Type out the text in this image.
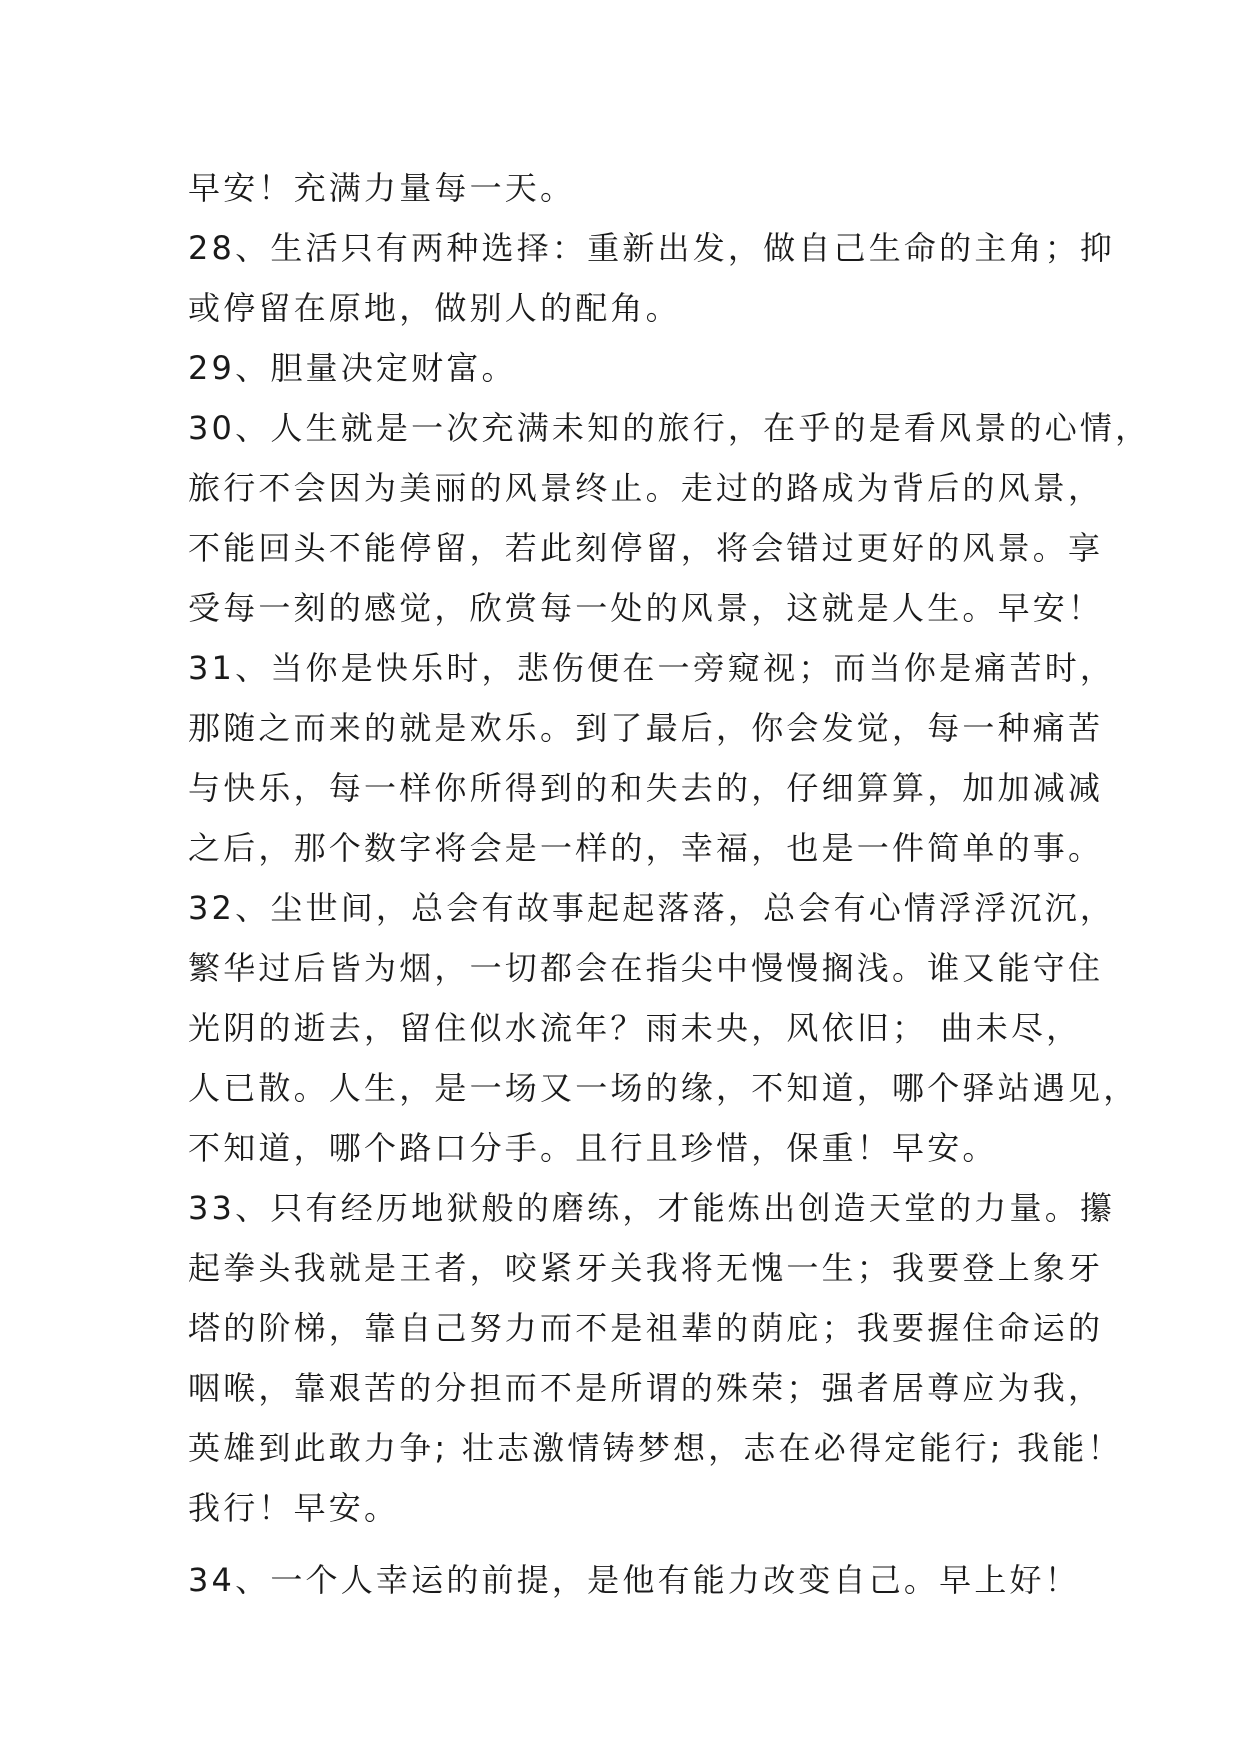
早安！充满力量每一天。

28、生活只有两种选择：重新出发，做自己生命的主角；抑
或停留在原地，做别人的配角。

29、胆量决定财富。

30、人生就是一次充满未知的旅行，在乎的是看风景的心情，
旅行不会因为美丽的风景终止。走过的路成为背后的风景，
不能回头不能停留，若此刻停留，将会错过更好的风景。享
受每一刻的感觉，欣赏每一处的风景，这就是人生。早安！

31、当你是快乐时，悲伤便在一旁窥视；而当你是痛苦时，
那随之而来的就是欢乐。到了最后，你会发觉，每一种痛苦
与快乐，每一样你所得到的和失去的，仔细算算，加加减减
之后，那个数字将会是一样的，幸福，也是一件简单的事。

32、尘世间，总会有故事起起落落，总会有心情浮浮沉沉，
繁华过后皆为烟，一切都会在指尖中慢慢搁浅。谁又能守住
光阴的逝去，留住似水流年？雨未央，风依旧； 曲未尽，
人已散。人生，是一场又一场的缘，不知道，哪个驿站遇见，
不知道，哪个路口分手。且行且珍惜，保重！早安。

33、只有经历地狱般的磨练，才能炼出创造天堂的力量。攥
起拳头我就是王者，咬紧牙关我将无愧一生；我要登上象牙
塔的阶梯，靠自己努力而不是祖辈的荫庇；我要握住命运的
咽喉，靠艰苦的分担而不是所谓的殊荣；强者居尊应为我，
英雄到此敢力争; 壮志激情铸梦想，志在必得定能行; 我能！
我行！早安。

34、一个人幸运的前提，是他有能力改变自己。早上好！
